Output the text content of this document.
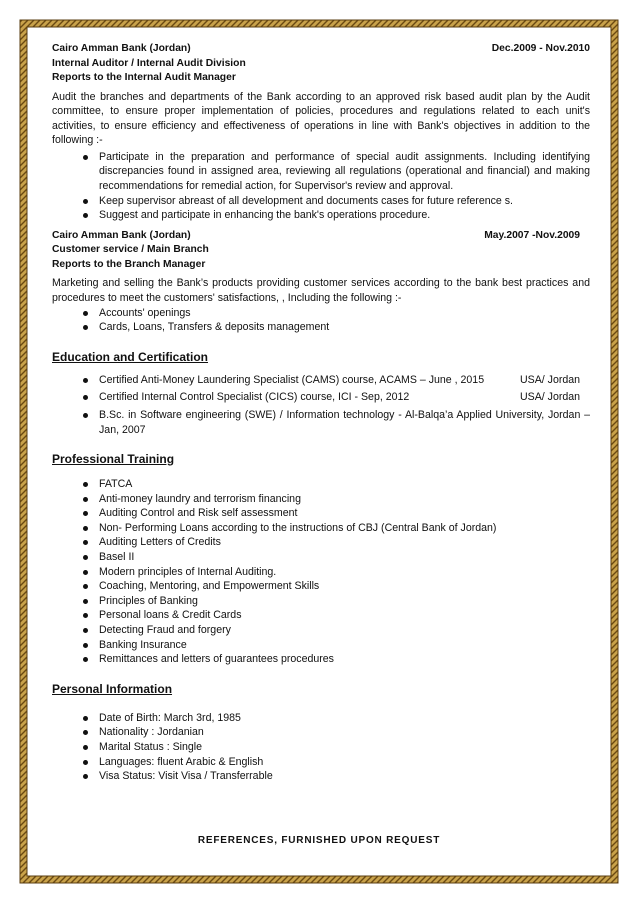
Cairo Amman Bank (Jordan)	Dec.2009 - Nov.2010
Internal Auditor / Internal Audit Division
Reports to the Internal Audit Manager

Audit the branches and departments of the Bank according to an approved risk based audit plan by the Audit committee, to ensure proper implementation of policies, procedures and regulations related to each unit's activities, to ensure efficiency and effectiveness of operations in line with Bank's objectives in addition to the following :-

Participate in the preparation and performance of special audit assignments. Including identifying discrepancies found in assigned area, reviewing all regulations (operational and financial) and making recommendations for remedial action, for Supervisor's review and approval.
Keep supervisor abreast of all development and documents cases for future reference s.
Suggest and participate in enhancing the bank's operations procedure.
Cairo Amman Bank (Jordan)	May.2007 -Nov.2009
Customer service / Main Branch
Reports to the Branch Manager

Marketing and selling the Bank’s products providing customer services according to the bank best practices and procedures to meet the customers' satisfactions, , Including the following :-

Accounts' openings
Cards, Loans, Transfers & deposits management
Education and Certification
Certified Anti-Money Laundering Specialist (CAMS) course, ACAMS – June , 2015	USA/ Jordan
Certified Internal Control Specialist (CICS) course, ICI - Sep, 2012	USA/ Jordan
B.Sc. in Software engineering (SWE) / Information technology - Al-Balqa’a Applied University, Jordan – Jan, 2007
Professional Training
FATCA
Anti-money laundry and terrorism financing
Auditing Control and Risk self assessment
Non- Performing Loans according to the instructions of CBJ (Central Bank of Jordan)
Auditing Letters of Credits
Basel II
Modern principles of Internal Auditing.
Coaching, Mentoring, and Empowerment Skills
Principles of Banking
Personal loans & Credit Cards
Detecting Fraud and forgery
Banking Insurance
Remittances and letters of guarantees procedures
Personal Information
Date of Birth: March 3rd, 1985
Nationality : Jordanian
Marital Status : Single
Languages: fluent Arabic & English
Visa Status: Visit Visa / Transferrable
REFERENCES, FURNISHED UPON REQUEST
